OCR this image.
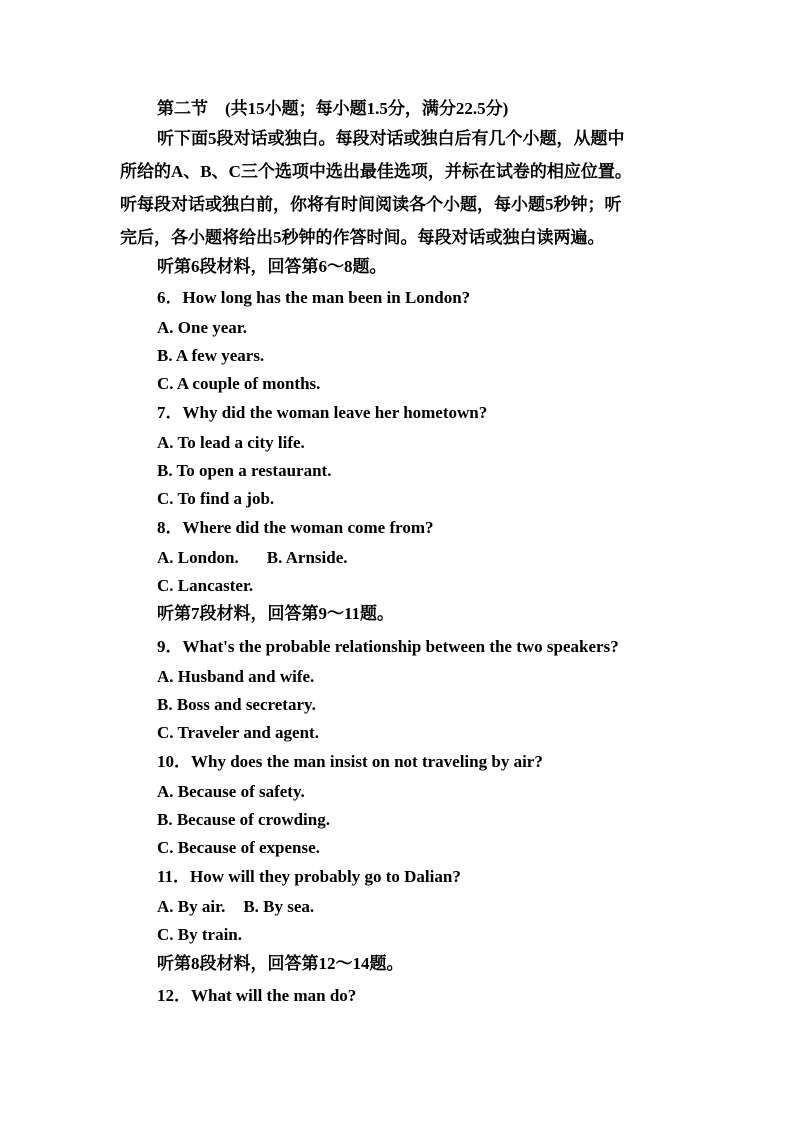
第二节　(共15小题；每小题1.5分，满分22.5分)
听下面5段对话或独白。每段对话或独白后有几个小题，从题中
所给的A、B、C三个选项中选出最佳选项，并标在试卷的相应位置。
听每段对话或独白前，你将有时间阅读各个小题，每小题5秒钟；听
完后，各小题将给出5秒钟的作答时间。每段对话或独白读两遍。
听第6段材料，回答第6～8题。
6．How long has the man been in London?
A. One year.
B. A few years.
C. A couple of months.
7．Why did the woman leave her hometown?
A. To lead a city life.
B. To open a restaurant.
C. To find a job.
8．Where did the woman come from?
A. London. B. Arnside.
C. Lancaster.
听第7段材料，回答第9～11题。
9．What's the probable relationship between the two speakers?
A. Husband and wife.
B. Boss and secretary.
C. Traveler and agent.
10．Why does the man insist on not traveling by air?
A. Because of safety.
B. Because of crowding.
C. Because of expense.
11．How will they probably go to Dalian?
A. By air. B. By sea.
C. By train.
听第8段材料，回答第12～14题。
12．What will the man do?
